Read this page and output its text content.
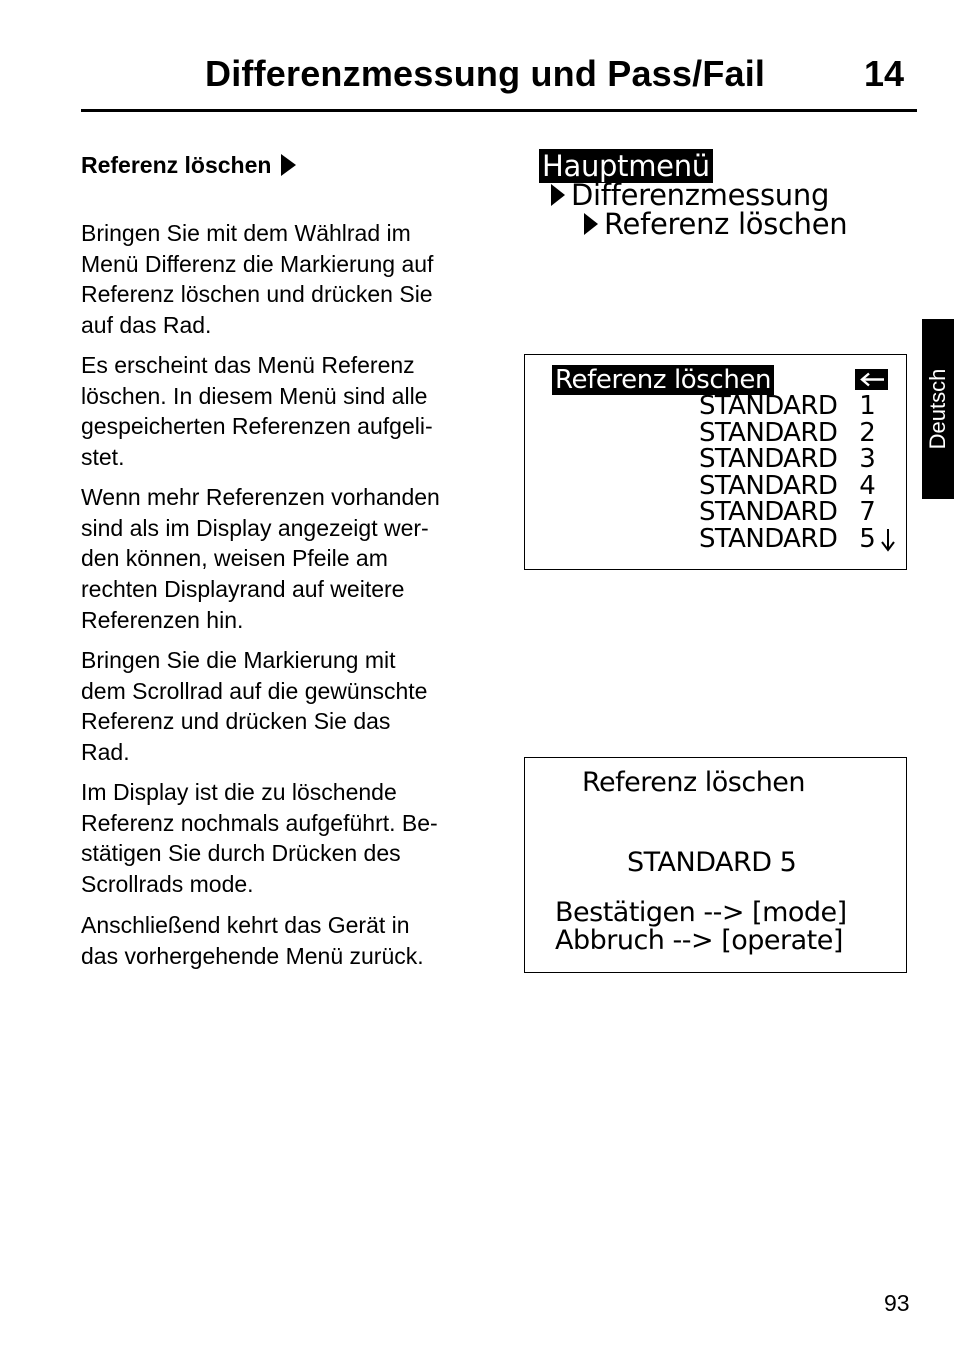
Differenzmessung und Pass/Fail	14
Referenz löschen

Bringen Sie mit dem Wählrad im
Menü Differenz die Markierung auf
Referenz löschen und drücken Sie
auf das Rad.

Es erscheint das Menü Referenz
löschen. In diesem Menü sind alle
gespeicherten Referenzen aufgeli-
stet.

Wenn mehr Referenzen vorhanden
sind als im Display angezeigt wer-
den können, weisen Pfeile am
rechten Displayrand auf weitere
Referenzen hin.

Bringen Sie die Markierung mit
dem Scrollrad auf die gewünschte
Referenz und drücken Sie das
Rad.

Im Display ist die zu löschende
Referenz nochmals aufgeführt. Be-
stätigen Sie durch Drücken des
Scrollrads mode.

Anschließend kehrt das Gerät in
das vorhergehende Menü zurück.

Hauptmenü
Differenzmessung
Referenz löschen
Referenz löschen
STANDARD 1
STANDARD 2
STANDARD 3
STANDARD 4
STANDARD 7
STANDARD 5
Referenz löschen
STANDARD 5
Bestätigen --> [mode]
Abbruch --> [operate]
Deutsch
93
